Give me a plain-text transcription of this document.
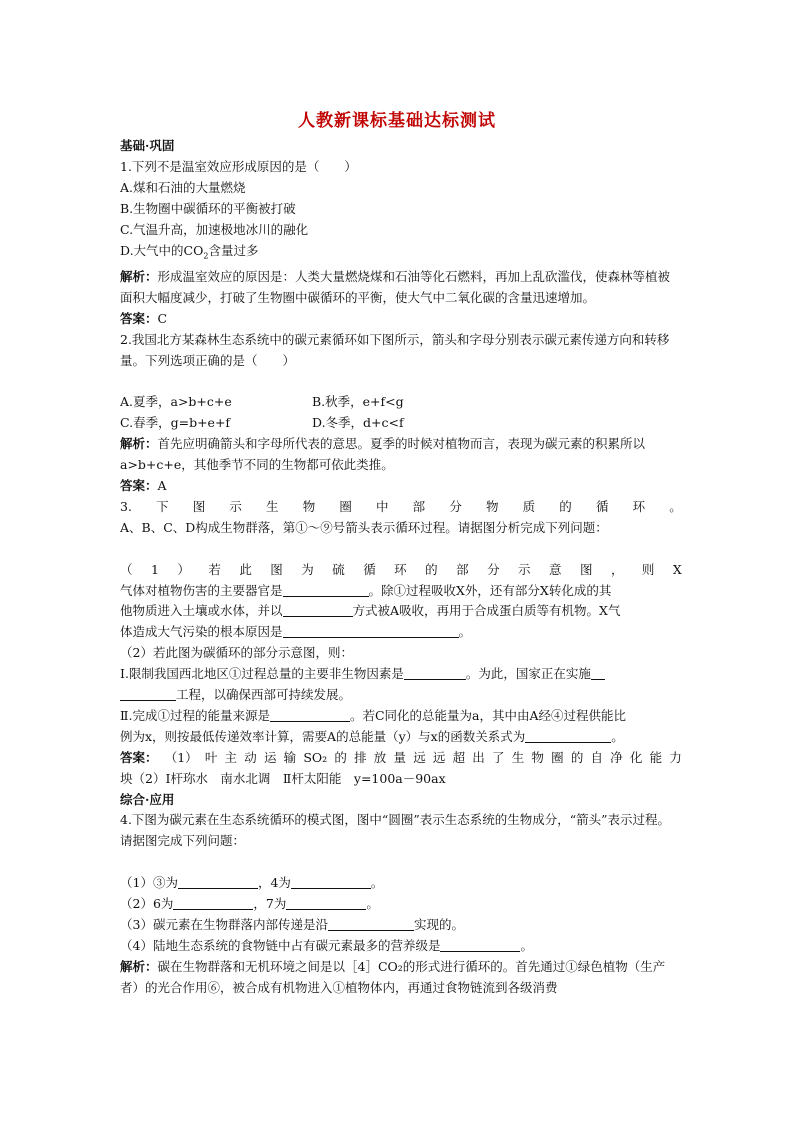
人教新课标基础达标测试
基础·巩固
1.下列不是温室效应形成原因的是（　　）
A.煤和石油的大量燃烧
B.生物圈中碳循环的平衡被打破
C.气温升高，加速极地冰川的融化
D.大气中的$CO_2$含量过多
解析：形成温室效应的原因是：人类大量燃烧煤和石油等化石燃料，再加上乱砍滥伐，使森林等植被面积大幅度减少，打破了生物圈中碳循环的平衡，使大气中二氧化碳的含量迅速增加。
答案：C
2.我国北方某森林生态系统中的碳元素循环如下图所示，箭头和字母分别表示碳元素传递方向和转移量。下列选项正确的是（　　）
A.夏季，a>b+c+e	B.秋季，e+f<g
C.春季，g=b+e+f	D.冬季，d+c<f
解析：首先应明确箭头和字母所代表的意思。夏季的时候对植物而言，表现为碳元素的积累所以a>b+c+e，其他季节不同的生物都可依此类推。
答案：A
3. 下 图 示 生 物 圈 中 部 分 物 质 的 循 环 。
A、B、C、D构成生物群落，第①～⑨号箭头表示循环过程。请据图分析完成下列问题：
（ 1 ） 若 此 图 为 硫 循 环 的 部 分 示 意 图 ， 则 X
气体对植物伤害的主要器官是	。除①过程吸收X外，还有部分X转化成的其
他物质进入土壤或水体，并以	方式被A吸收，再用于合成蛋白质等有机物。X气
体造成大气污染的根本原因是	。
（2）若此图为碳循环的部分示意图，则：
Ⅰ.限制我国西北地区①过程总量的主要非生物因素是	。为此，国家正在实施
工程，以确保西部可持续发展。
Ⅱ.完成①过程的能量来源是	。若C同化的总能量为a，其中由A经④过程供能比
例为x，则按最低传递效率计算，需要A的总能量（y）与x的函数关系式为	。
答案： （1） 叶 主 动 运 输 SO₂ 的 排 放 量 远 远 超 出 了 生 物 圈 的 自 净 化 能 力
坱（2）Ⅰ杆珎水　南水北调　Ⅱ杆太阳能　y=100a－90ax
综合·应用
4.下图为碳元素在生态系统循环的模式图，图中“圆圈”表示生态系统的生物成分，“箭头”表示过程。请据图完成下列问题：
（1）③为	，4为	。
（2）6为	，7为	。
（3）碳元素在生物群落内部传递是沿	实现的。
（4）陆地生态系统的食物链中占有碳元素最多的营养级是	。
解析：碳在生物群落和无机环境之间是以［4］CO₂的形式进行循环的。首先通过①绿色植物（生产者）的光合作用⑥，被合成有机物进入①植物体内，再通过食物链流到各级消费
